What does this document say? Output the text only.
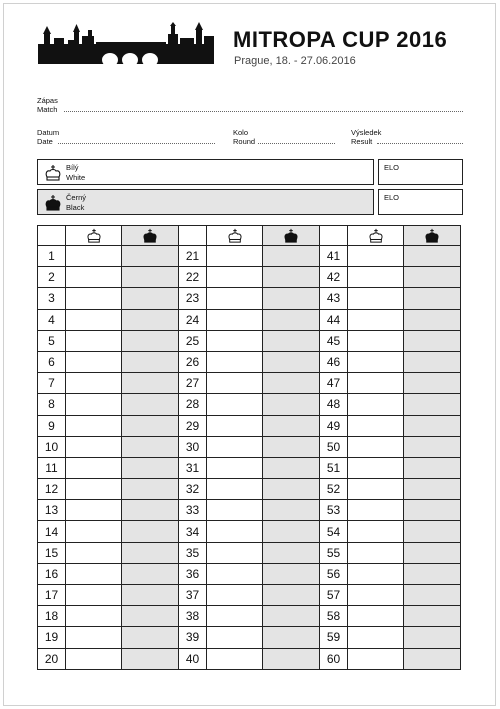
MITROPA CUP 2016
Prague, 18. - 27.06.2016
Zápas
Match
Datum
Date
Kolo
Round
Výsledek
Result
Bílý
White
ELO
Černý
Black
ELO

1			21			41		
2			22			42		
3			23			43		
4			24			44		
5			25			45		
6			26			46		
7			27			47		
8			28			48		
9			29			49		
10			30			50		
11			31			51		
12			32			52		
13			33			53		
14			34			54		
15			35			55		
16			36			56		
17			37			57		
18			38			58		
19			39			59		
20			40			60		
